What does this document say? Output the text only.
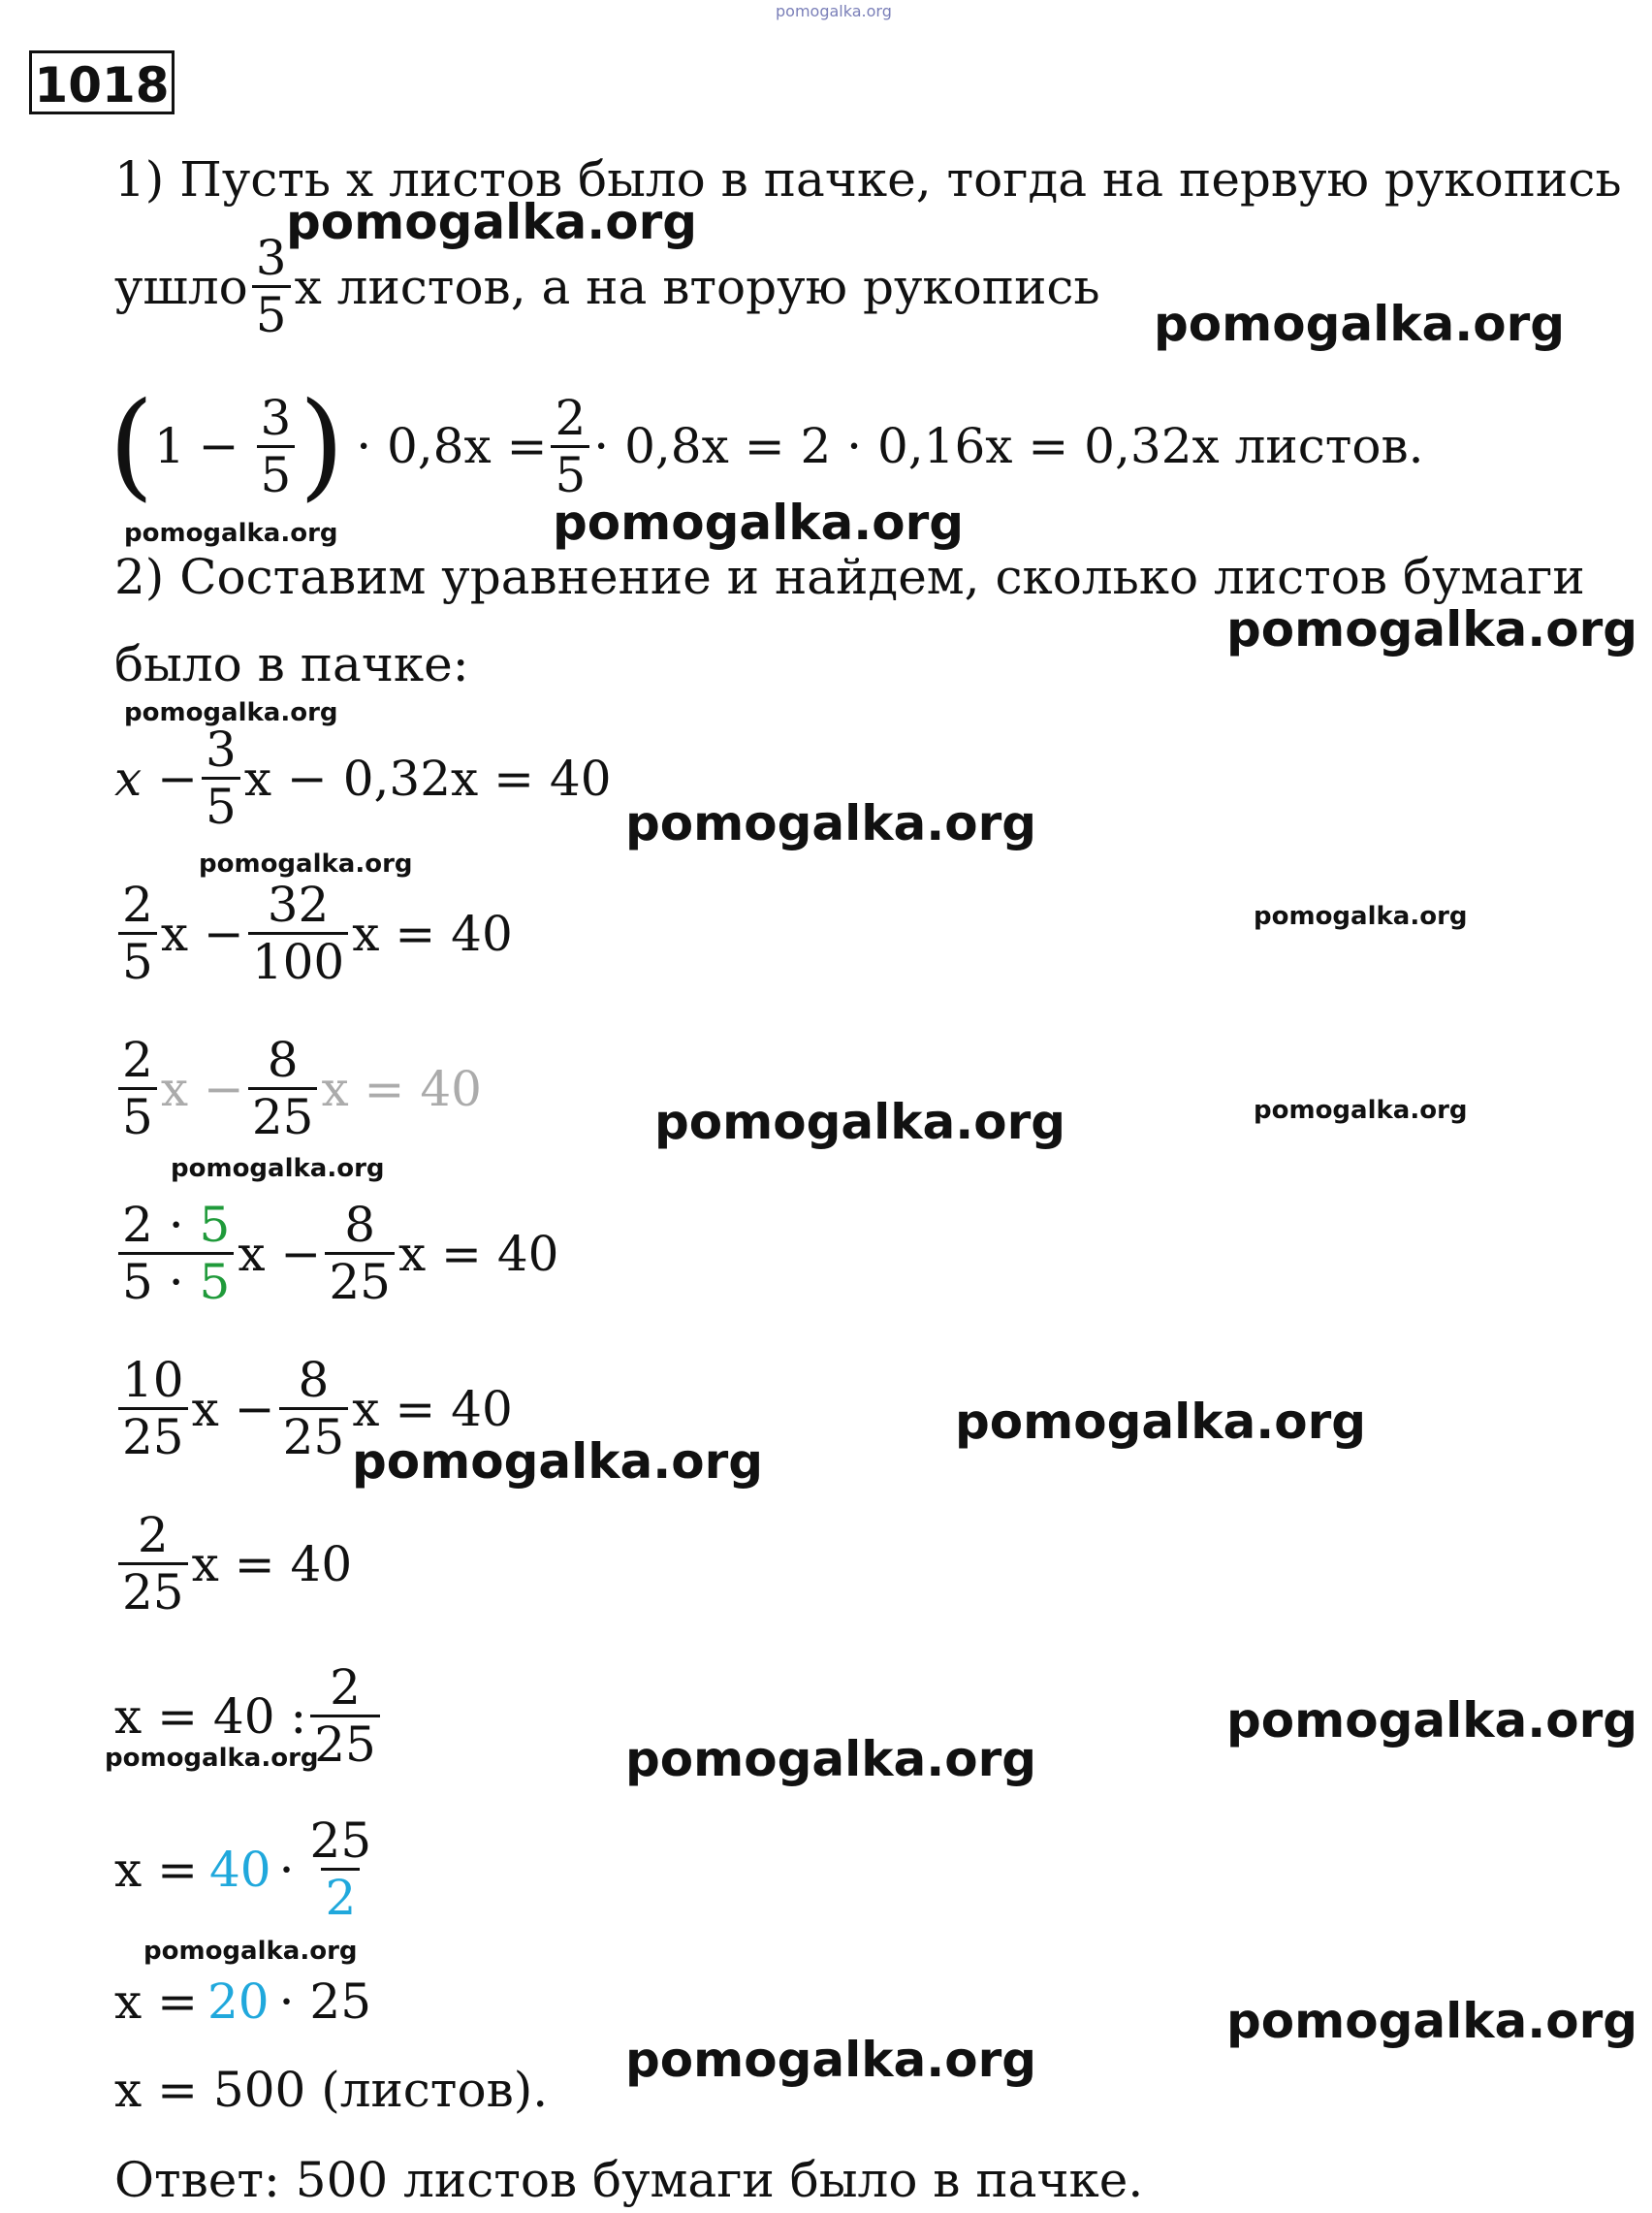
pomogalka.org
1018
1) Пусть x листов было в пачке, тогда на первую рукопись
ушло $\frac{3}{5}$ x листов, а на вторую рукопись
( $1 - \frac{3}{5}$ ) · $0,8x = \frac{2}{5} \cdot 0,8x = 2 \cdot 0,16x = 0,32x$ листов.
2) Составим уравнение и найдем, сколько листов бумаги
было в пачке:
$x - \frac{3}{5}$ x − 0,32x = 40
$\frac{2}{5}$ $x - \frac{32}{100}$ x = 40
$\frac{2}{5}$ $x - \frac{8}{25}$ x = 40
$\frac{2 \cdot 5}{5 \cdot 5}$ $x - \frac{8}{25}$ x = 40
$\frac{10}{25}$ $x - \frac{8}{25}$ x = 40
$\frac{2}{25}$ x = 40
x = 40 : $\frac{2}{25}$
$x = 40 \cdot \frac{25}{2}$
x = 20 · 25
x = 500 (листов).
Ответ: 500 листов бумаги было в пачке.
pomogalka.org
pomogalka.org
pomogalka.org
pomogalka.org
pomogalka.org
pomogalka.org
pomogalka.org
pomogalka.org
pomogalka.org
pomogalka.org
pomogalka.org
pomogalka.org
pomogalka.org
pomogalka.org
pomogalka.org
pomogalka.org	pomogalka.org
pomogalka.org
pomogalka.org
pomogalka.org
